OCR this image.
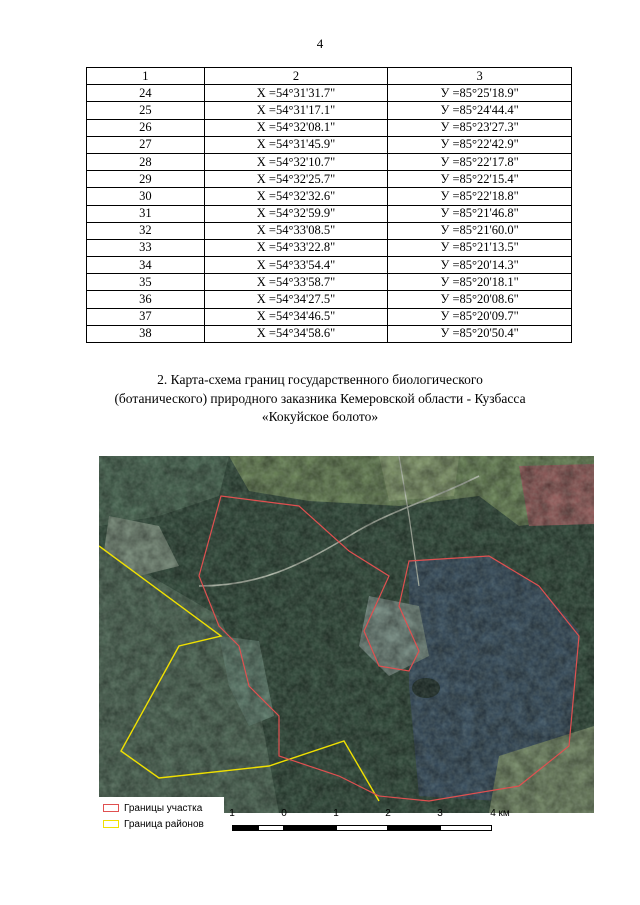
4
1	2	3
24	X =54°31'31.7"	У =85°25'18.9"
25	X =54°31'17.1"	У =85°24'44.4"
26	X =54°32'08.1"	У =85°23'27.3"
27	X =54°31'45.9"	У =85°22'42.9"
28	X =54°32'10.7"	У =85°22'17.8"
29	X =54°32'25.7"	У =85°22'15.4"
30	X =54°32'32.6"	У =85°22'18.8"
31	X =54°32'59.9"	У =85°21'46.8"
32	X =54°33'08.5"	У =85°21'60.0"
33	X =54°33'22.8"	У =85°21'13.5"
34	X =54°33'54.4"	У =85°20'14.3"
35	X =54°33'58.7"	У =85°20'18.1"
36	X =54°34'27.5"	У =85°20'08.6"
37	X =54°34'46.5"	У =85°20'09.7"
38	X =54°34'58.6"	У =85°20'50.4"
2. Карта-схема границ государственного биологического
(ботанического) природного заказника Кемеровской области - Кузбасса
«Кокуйское болото»
Границы участка
Граница районов
1	0	1	2	3	4 км
